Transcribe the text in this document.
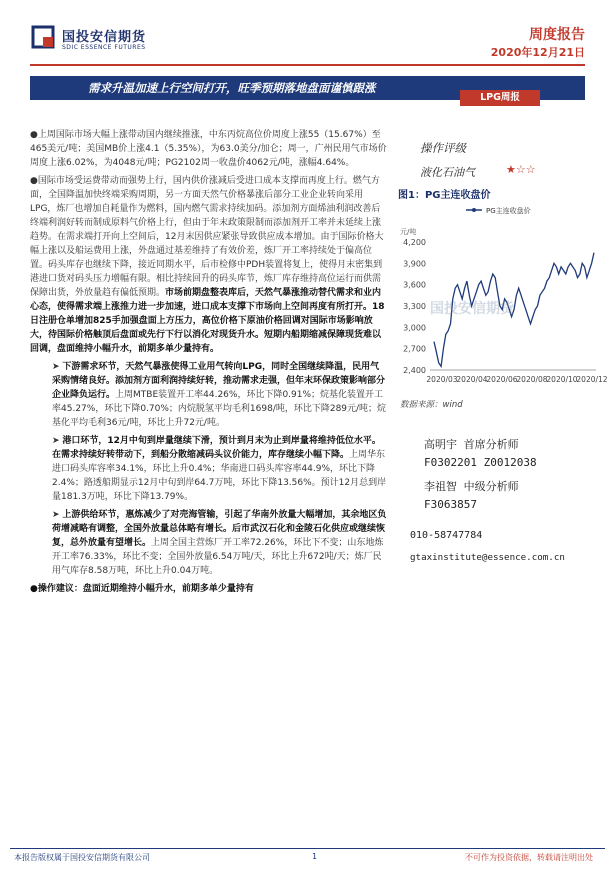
国投安信期货
SDIC ESSENCE FUTURES
周度报告
2020年12月21日
需求升温加速上行空间打开，旺季预期落地盘面谨慎跟涨
LPG周报

●上周国际市场大幅上涨带动国内继续推涨，中东丙烷高位价周度上涨55（15.67%）至465美元/吨；美国MB价上涨4.1（5.35%），为63.0美分/加仑；周一，广州民用气市场价周度上涨6.02%，为4048元/吨；PG2102周一收盘价4062元/吨，涨幅4.64%。

●国际市场受运费带动而强势上行，国内供价涨减后受进口成本支撑而再度上行。燃气方面，全国降温加快终端采购周期，另一方面天然气价格暴涨后部分工业企业转向采用LPG，炼厂也增加自耗量作为燃料，国内燃气需求持续加码。添加剂方面烯油利润改善后终端利润好转而制成原料气价格上行，但由于年末政策限制而添加剂开工率并未延续上涨趋势。在需求端打开向上空间后，12月末因供应紧张导致供应成本增加。由于国际价格大幅上涨以及船运费用上涨，外盘通过基差维持了有效价差，炼厂开工率持续处于偏高位置。码头库存也继续下降，接近同期水平，后市检修中PDH装置将复上，使得月末密集到港进口货对码头压力增幅有限。相比持续回升的码头库节，炼厂库存维持高位运行而供需保障出货，外放量趋有偏低预期。市场前期盘整表库后，天然气暴涨推动替代需求和业内心态，使得需求端上涨推力进一步加速，进口成本支撑下市场向上空间再度有所打开。18日注册仓单增加825手加强盘面上方压力，高位价格下原油价格回调对国际市场影响放大，待国际价格触顶后盘面或先行下行以消化对现货升水。短期内船期缩减保障现货难以回调，盘面维持小幅升水，前期多单少量持有。

➤ 下游需求环节，天然气暴涨使得工业用气转向LPG，同时全国继续降温，民用气采购情绪良好。添加剂方面利润持续好转，推动需求走强，但年末环保政策影响部分企业降负运行。上周MTBE装置开工率44.26%，环比下降0.91%；烷基化装置开工率45.27%，环比下降0.70%；内烷脱氢平均毛利1698/吨，环比下降289元/吨；烷基化平均毛利36元/吨，环比上升72元/吨。

➤ 港口环节，12月中旬到岸量继续下滑，预计到月末为止到岸量将维持低位水平。在需求持续好转带动下，到船分散缩减码头议价能力，库存继续小幅下降。上周华东进口码头库容率34.1%，环比上升0.4%；华南进口码头库容率44.9%，环比下降2.4%；路透船期显示12月中旬到岸64.7万吨，环比下降13.56%。预计12月总到岸量181.3万吨，环比下降13.79%。

➤ 上游供给环节，惠炼减少了对売海管输，引起了华南外放量大幅增加，其余地区负荷增减略有调整，全国外放量总体略有增长。后市武汉石化和金陵石化供应或继续恢复，总外放量有望增长。上周全国主营炼厂开工率72.26%，环比下不变；山东地炼开工率76.33%，环比不变；全国外放量6.54万吨/天，环比上升672吨/天；炼厂民用气库存8.58万吨，环比上升0.04万吨。

●操作建议：盘面近期维持小幅升水，前期多单少量持有

操作评级
液化石油气	★☆☆
图1：PG主连收盘价
PG主连收盘价
元/吨
2,400
2,700
3,000
3,300
3,600
3,900
4,200
2020/03
2020/04
2020/06
2020/08
2020/10
2020/12
国投安信期货
数据来源：wind
高明宇 首席分析师
F0302201 Z0012038
李祖智 中级分析师
F3063857
010-58747784
gtaxinstitute@essence.com.cn
本报告版权属于国投安信期货有限公司	1	不可作为投资依据，转载请注明出处
